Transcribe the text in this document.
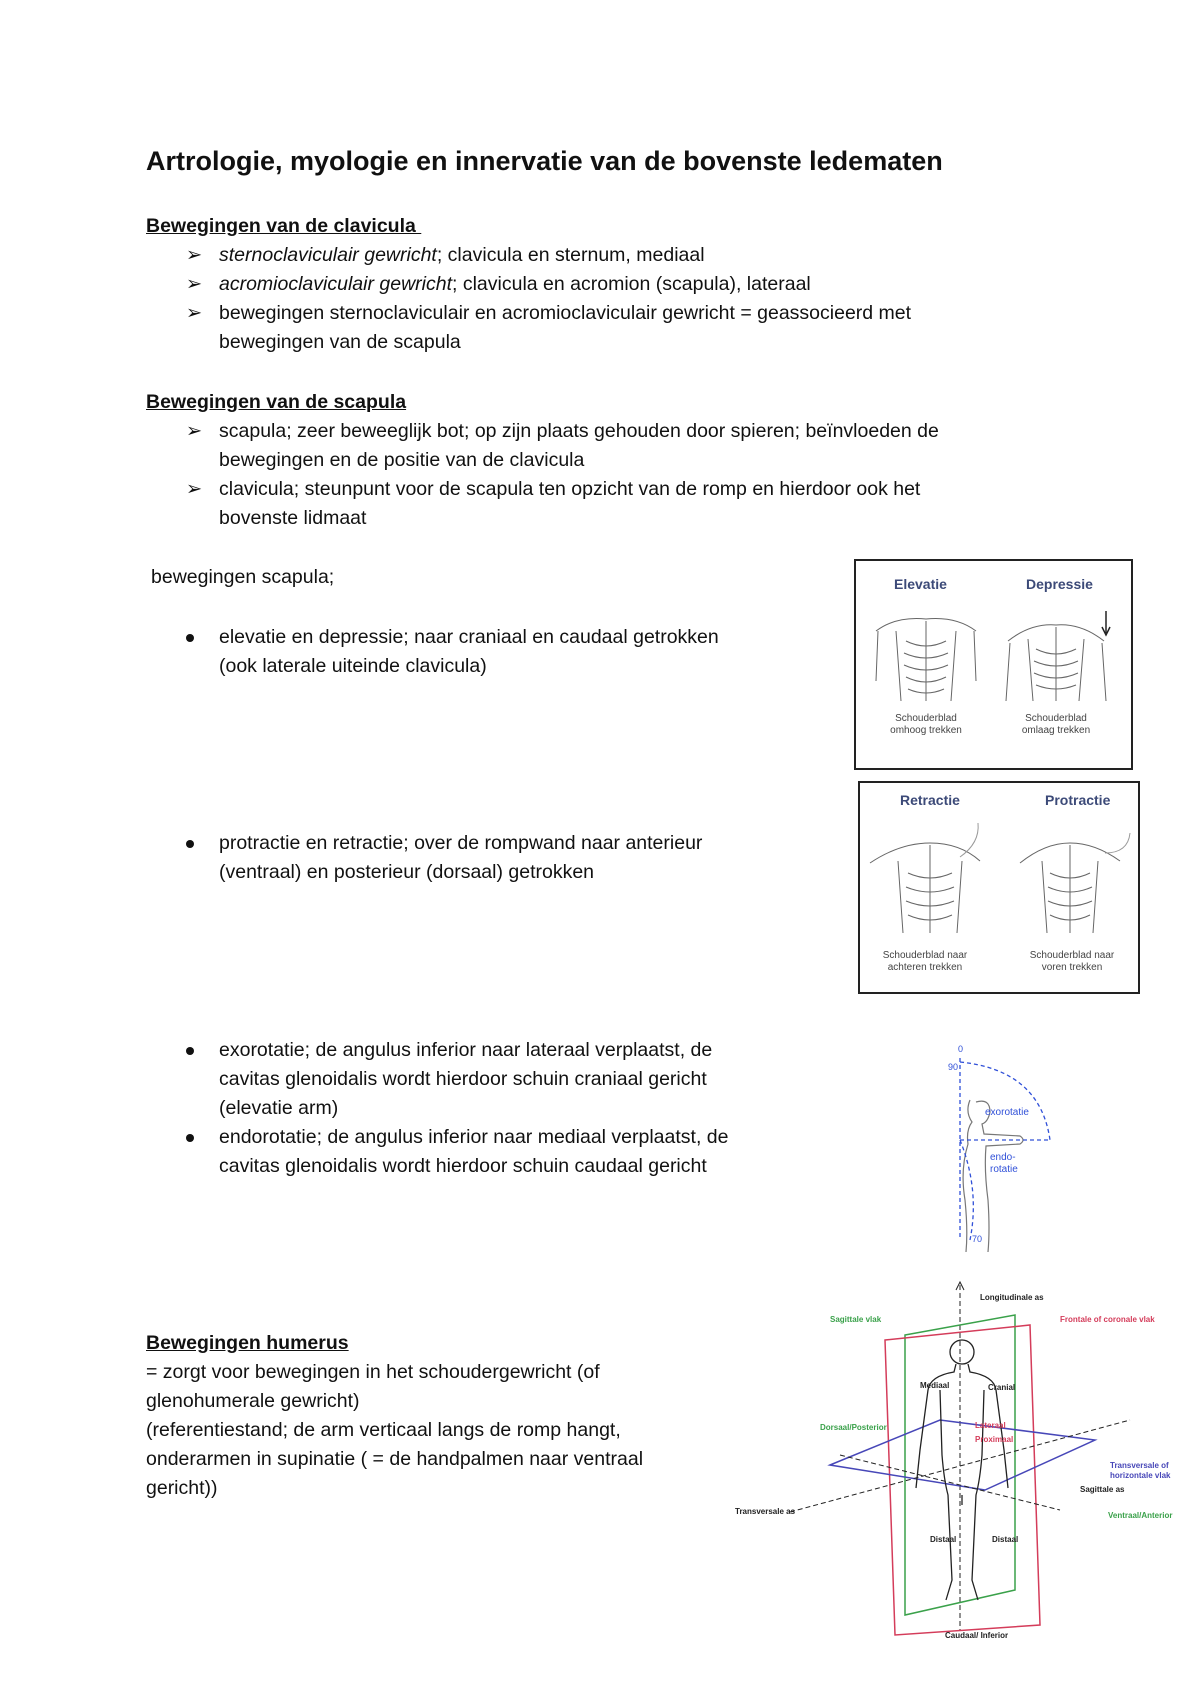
Artrologie, myologie en innervatie van de bovenste ledematen
Bewegingen van de clavicula
➢ sternoclaviculair gewricht; clavicula en sternum, mediaal
➢ acromioclaviculair gewricht; clavicula en acromion (scapula), lateraal
➢ bewegingen sternoclaviculair en acromioclaviculair gewricht = geassocieerd met
bewegingen van de scapula
Bewegingen van de scapula
➢ scapula; zeer beweeglijk bot; op zijn plaats gehouden door spieren; beïnvloeden de
bewegingen en de positie van de clavicula
➢ clavicula; steunpunt voor de scapula ten opzicht van de romp en hierdoor ook het
bovenste lidmaat
bewegingen scapula;
elevatie en depressie; naar craniaal en caudaal getrokken
(ook laterale uiteinde clavicula)
protractie en retractie; over de rompwand naar anterieur
(ventraal) en posterieur (dorsaal) getrokken
exorotatie; de angulus inferior naar lateraal verplaatst, de
cavitas glenoidalis wordt hierdoor schuin craniaal gericht
(elevatie arm)
endorotatie; de angulus inferior naar mediaal verplaatst, de
cavitas glenoidalis wordt hierdoor schuin caudaal gericht
Bewegingen humerus
= zorgt voor bewegingen in het schoudergewricht (of
glenohumerale gewricht)
(referentiestand; de arm verticaal langs de romp hangt,
onderarmen in supinatie ( = de handpalmen naar ventraal
gericht))
Elevatie	Depressie
Schouderblad
omhoog trekken
Schouderblad
omlaag trekken
Retractie	Protractie
Schouderblad naar
achteren trekken
Schouderblad naar
voren trekken
0
90
exorotatie
endo-
rotatie
70
Longitudinale as
Sagittale vlak	Frontale of coronale vlak
Cranial
Dorsaal/Posterior
Mediaal
Lateraal
Proximaal
Transversale of
horizontale vlak
Sagittale as
Transversale as	Ventraal/Anterior
Distaal	Distaal
Caudaal/ Inferior
